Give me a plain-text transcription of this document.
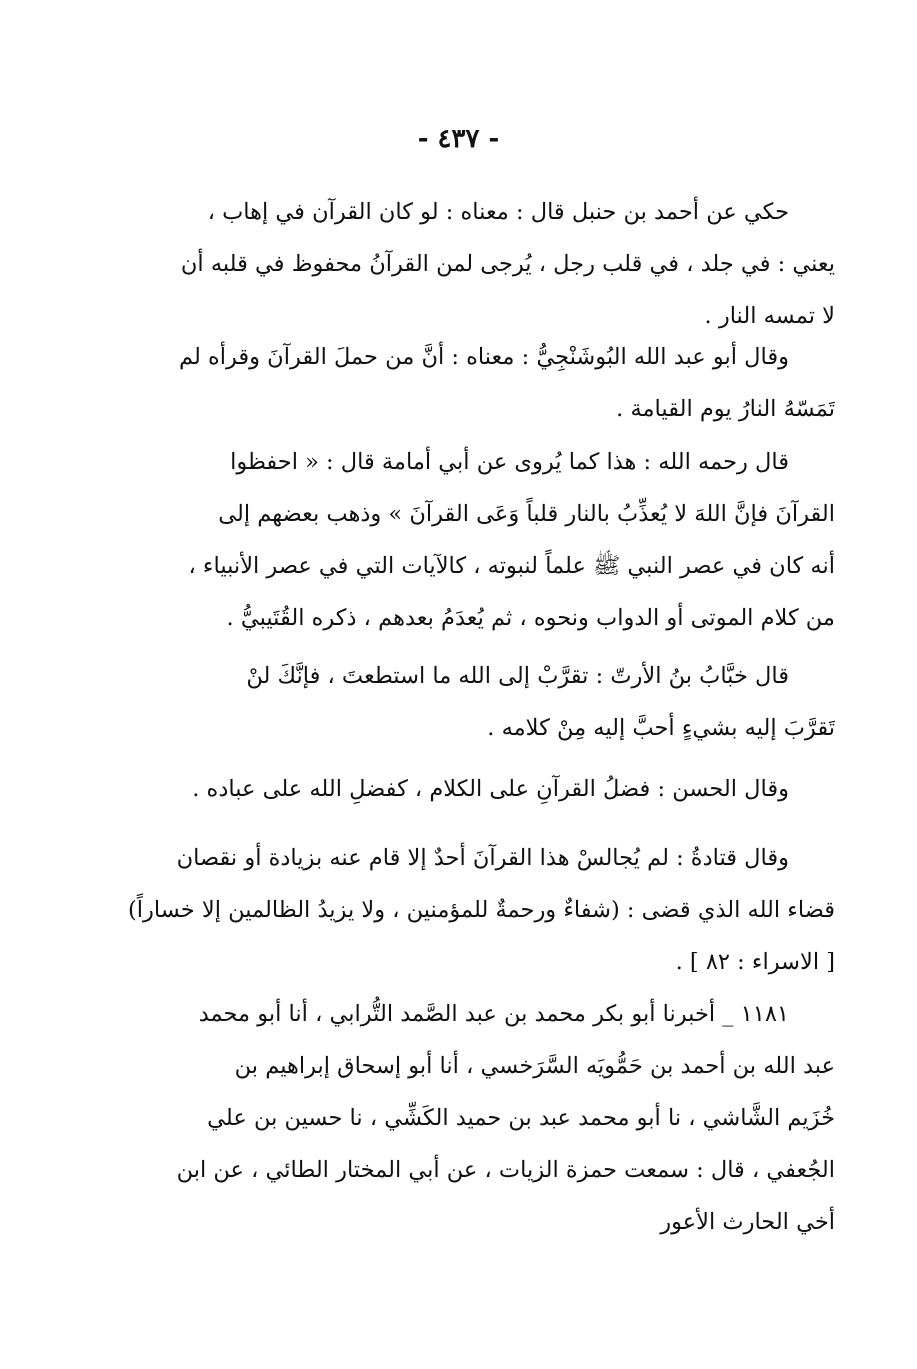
- ٤٣٧ -
حكي عن أحمد بن حنبل قال : معناه : لو كان القرآن في إهاب ،
يعني : في جلد ، في قلب رجل ، يُرجى لمن القرآنُ محفوظ في قلبه أن
لا تمسه النار .
وقال أبو عبد الله البُوشَنْجِيُّ : معناه : أنَّ من حملَ القرآنَ وقرأه لم
تَمَسّهُ النارُ يوم القيامة .
قال رحمه الله : هذا كما يُروى عن أبي أمامة قال : « احفظوا
القرآنَ فإنَّ اللهَ لا يُعذِّبُ بالنار قلباً وَعَى القرآنَ » وذهب بعضهم إلى
أنه كان في عصر النبي ﷺ علماً لنبوته ، كالآيات التي في عصر الأنبياء ،
من كلام الموتى أو الدواب ونحوه ، ثم يُعدَمُ بعدهم ، ذكره القُتَيبيُّ .
قال خبَّابُ بنُ الأرتّ : تقرَّبْ إلى الله ما استطعتَ ، فإنَّكَ لنْ
تَقرَّبَ إليه بشيءٍ أحبَّ إليه مِنْ كلامه .
وقال الحسن : فضلُ القرآنِ على الكلام ، كفضلِ الله على عباده .
وقال قتادةُ : لم يُجالسْ هذا القرآنَ أحدٌ إلا قام عنه بزيادة أو نقصان
قضاء الله الذي قضى : (شفاءٌ ورحمةٌ للمؤمنين ، ولا يزيدُ الظالمين إلا خساراً)
[ الاسراء : ٨٢ ] .
١١٨١ _ أخبرنا أبو بكر محمد بن عبد الصَّمد التُّرابي ، أنا أبو محمد
عبد الله بن أحمد بن حَمُّويَه السَّرَخسي ، أنا أبو إسحاق إبراهيم بن
خُزَيم الشَّاشي ، نا أبو محمد عبد بن حميد الكَشِّي ، نا حسين بن علي
الجُعفي ، قال : سمعت حمزة الزيات ، عن أبي المختار الطائي ، عن ابن
أخي الحارث الأعور
